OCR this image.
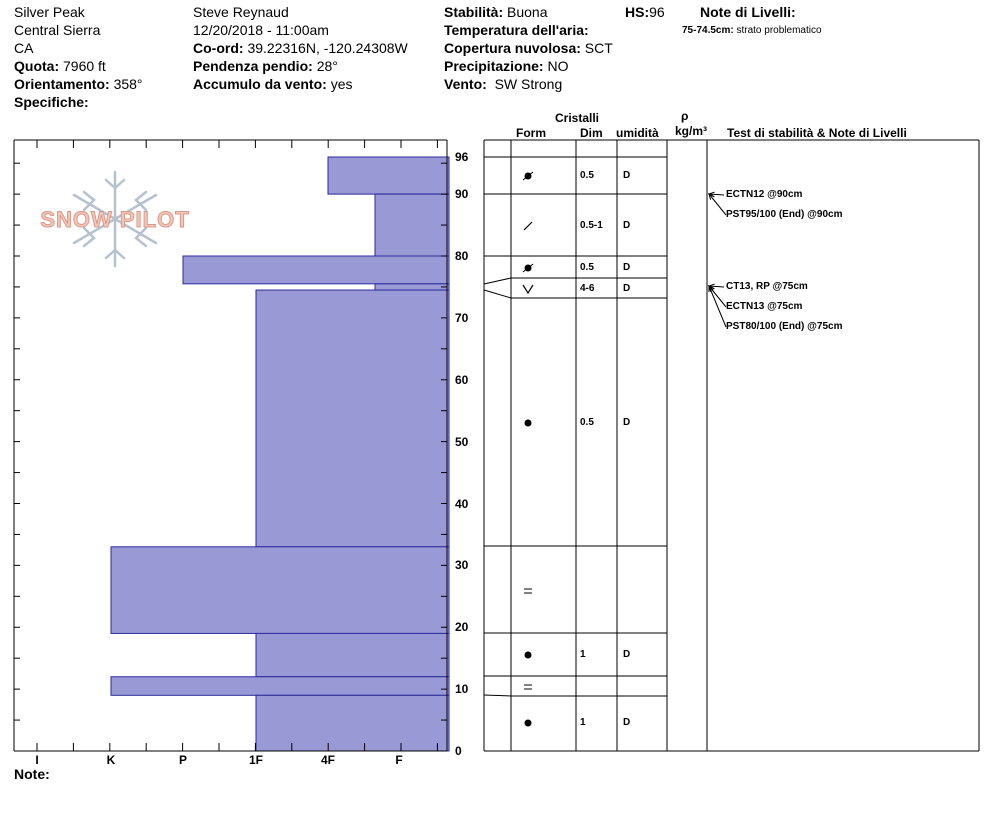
Silver Peak
Central Sierra
CA
Quota: 7960 ft
Orientamento: 358°
Specifiche:
Steve Reynaud
12/20/2018 - 11:00am
Co-ord: 39.22316N, -120.24308W
Pendenza pendio: 28°
Accumulo da vento: yes
Stabilità: Buona	HS:96
Temperatura dell'aria:
Copertura nuvolosa: SCT
Precipitazione: NO
Vento: SW Strong
Note di Livelli:
75-74.5cm: strato problematico
Cristalli
Form	Dim umidità
ρ
kg/m³ Test di stabilità & Note di Livelli
SNOW PILOT
I	K	P	1F	4F	F
96
90
80
70
60
50
40
30
20
10
0
0.5	D
0.5-1 D
0.5	D
4-6	D
0.5	D
1	D
1	D
ECTN12 @90cm
PST95/100 (End) @90cm
CT13, RP @75cm
ECTN13 @75cm
PST80/100 (End) @75cm
Note:
